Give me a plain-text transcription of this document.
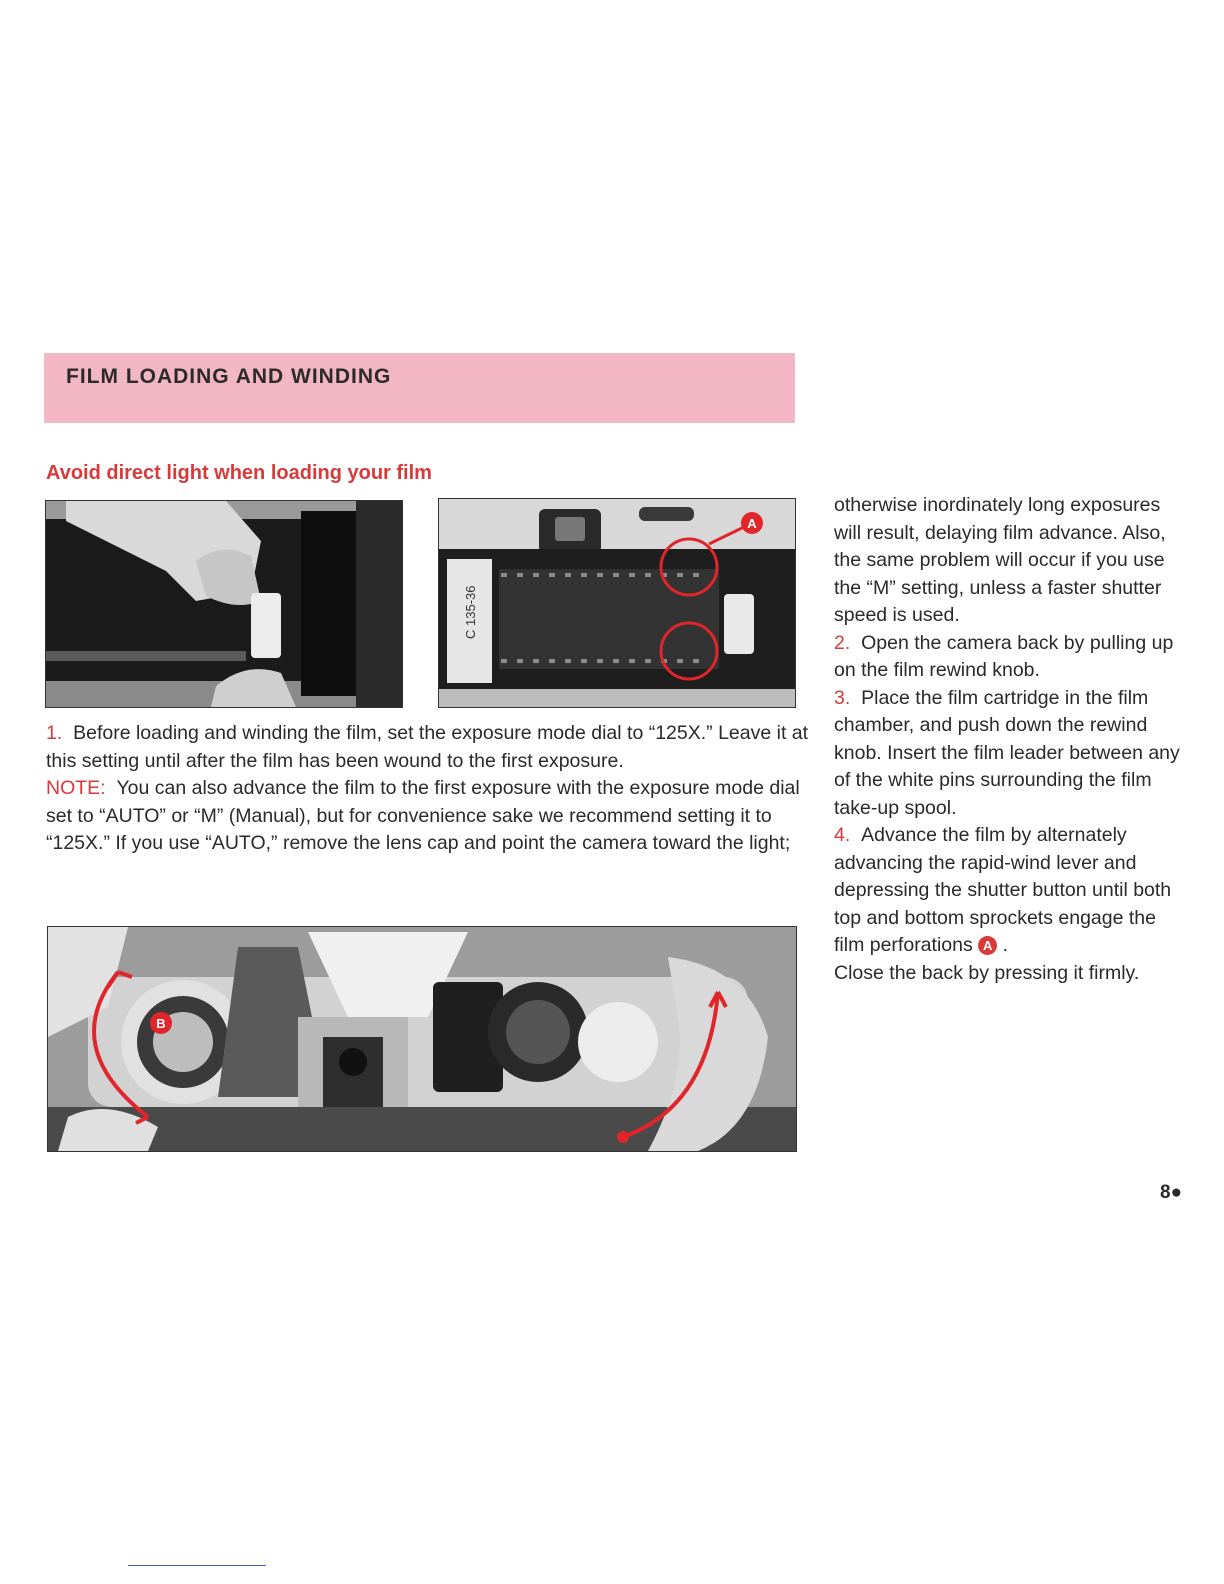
FILM LOADING AND WINDING
Avoid direct light when loading your film
C 135-36
A
1. Before loading and winding the film, set the exposure mode dial to “125X.” Leave it at this setting until after the film has been wound to the first exposure.
NOTE: You can also advance the film to the first exposure with the exposure mode dial set to “AUTO” or “M” (Manual), but for convenience sake we recommend setting it to “125X.” If you use “AUTO,” remove the lens cap and point the camera toward the light;
B
otherwise inordinately long exposures will result, delaying film advance. Also, the same problem will occur if you use the “M” setting, unless a faster shutter speed is used.
2. Open the camera back by pulling up on the film rewind knob.
3. Place the film cartridge in the film chamber, and push down the rewind knob. Insert the film leader between any of the white pins surrounding the film take-up spool.
4. Advance the film by alternately advancing the rapid-wind lever and depressing the shutter button until both top and bottom sprockets engage the film perforations A .
Close the back by pressing it firmly.
8●
